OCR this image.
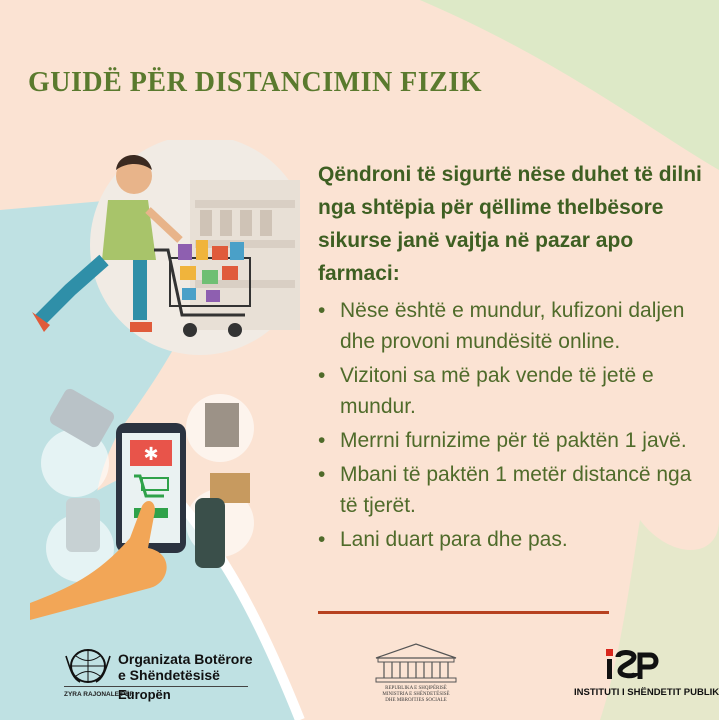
GUIDË PËR DISTANCIMIN FIZIK
✱

Qëndroni të sigurtë nëse duhet të dilni nga shtëpia për qëllime thelbësore sikurse janë vajtja në pazar apo farmaci:

• Nëse është e mundur, kufizoni daljen dhe provoni mundësitë online.
• Vizitoni sa më pak vende të jetë e mundur.
• Merrni furnizime për të paktën 1 javë.
• Mbani të paktën 1 metër distancë nga të tjerët.
• Lani duart para dhe pas.
Organizata Botërore
e Shëndetësisë
ZYRA RAJONALE PËR
Europën	REPUBLIKA E SHQIPËRISË
MINISTRIA E SHËNDETËSISË
DHE MBROJTJES SOCIALE
INSTITUTI I SHËNDETIT PUBLIK
